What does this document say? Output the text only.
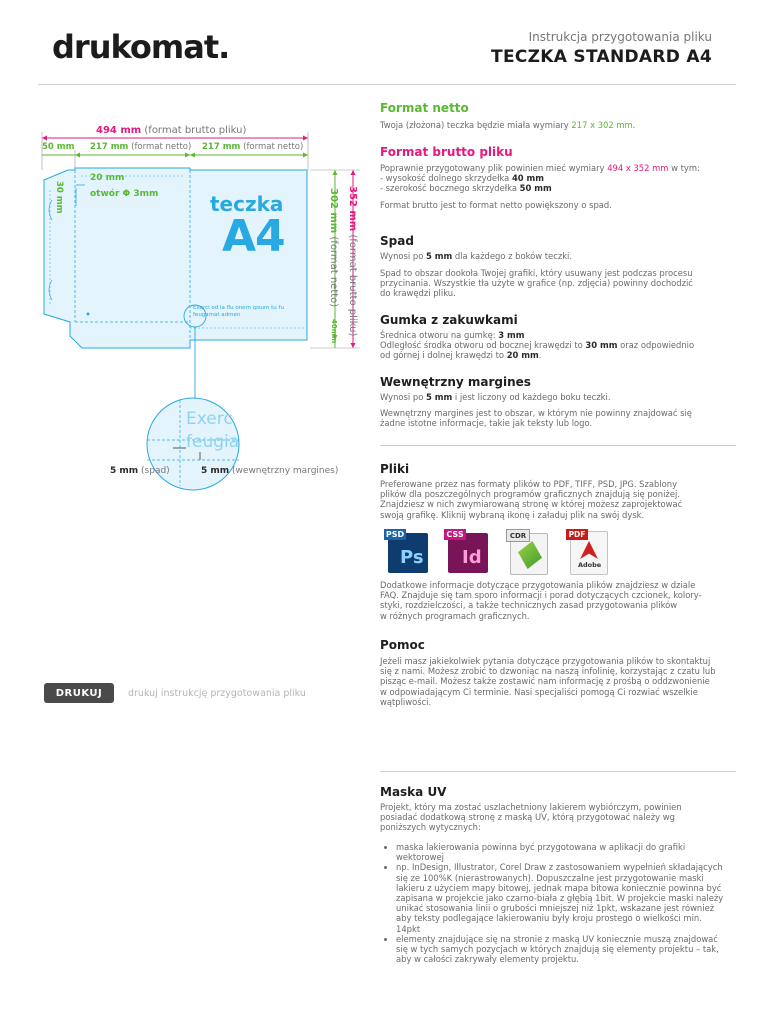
drukomat.	Instrukcja przygotowania pliku
TECZKA STANDARD A4
494 mm (format brutto pliku)
50 mm 217 mm (format netto) 217 mm (format netto)
20 mm
otwór Φ 3mm
30 mm	teczka
A4
Exerci od la flu onem ipsum tu fu feugamat admen
302 mm (format netto)
352 mm (format brutto pliku)
40mm
Exerc
feugia
5 mm (spad)	5 mm (wewnętrzny margines)
Format netto

Twoja (złożona) teczka będzie miała wymiary 217 x 302 mm.

Format brutto pliku

Poprawnie przygotowany plik powinien mieć wymiary 494 x 352 mm w tym:
- wysokość dolnego skrzydełka 40 mm
- szerokość bocznego skrzydełka 50 mm

Format brutto jest to format netto powiększony o spad.

Spad

Wynosi po 5 mm dla każdego z boków teczki.

Spad to obszar dookoła Twojej grafiki, który usuwany jest podczas procesu
przycinania. Wszystkie tła użyte w grafice (np. zdjęcia) powinny dochodzić
do krawędzi pliku.

Gumka z zakuwkami

Średnica otworu na gumkę: 3 mm
Odległość środka otworu od bocznej krawędzi to 30 mm oraz odpowiednio
od górnej i dolnej krawędzi to 20 mm.

Wewnętrzny margines

Wynosi po 5 mm i jest liczony od każdego boku teczki.

Wewnętrzny margines jest to obszar, w którym nie powinny znajdować się
żadne istotne informacje, takie jak teksty lub logo.

Pliki

Preferowane przez nas formaty plików to PDF, TIFF, PSD, JPG. Szablony
plików dla poszczególnych programów graficznych znajdują się poniżej.
Znajdziesz w nich zwymiarowaną stronę w której możesz zaprojektować
swoją grafikę. Kliknij wybraną ikonę i załaduj plik na swój dysk.

PSD
Ps
CSS
Id
CDR	PDF
Adobe

Dodatkowe informacje dotyczące przygotowania plików znajdziesz w dziale
FAQ. Znajduje się tam sporo informacji i porad dotyczących czcionek, kolory-
styki, rozdzielczości, a także technicznych zasad przygotowania plików
w różnych programach graficznych.

Pomoc

Jeżeli masz jakiekolwiek pytania dotyczące przygotowania plików to skontaktuj
się z nami. Możesz zrobić to dzwoniąc na naszą infolinię, korzystając z czatu lub
pisząc e-mail. Możesz także zostawić nam informację z prośbą o oddzwonienie
w odpowiadającym Ci terminie. Nasi specjaliści pomogą Ci rozwiać wszelkie
wątpliwości.

DRUKUJ	drukuj instrukcję przygotowania pliku
Maska UV

Projekt, który ma zostać uszlachetniony lakierem wybiórczym, powinien
posiadać dodatkową stronę z maską UV, którą przygotować należy wg
poniższych wytycznych:

• maska lakierowania powinna być przygotowana w aplikacji do grafiki
wektorowej
• np. InDesign, Illustrator, Corel Draw z zastosowaniem wypełnień składających
się ze 100%K (nierastrowanych). Dopuszczalne jest przygotowanie maski
lakieru z użyciem mapy bitowej, jednak mapa bitowa koniecznie powinna być
zapisana w projekcie jako czarno-biała z głębią 1bit. W projekcie maski należy
unikać stosowania linii o grubości mniejszej niż 1pkt, wskazane jest również
aby teksty podlegające lakierowaniu były kroju prostego o wielkości min.
14pkt
• elementy znajdujące się na stronie z maską UV koniecznie muszą znajdować
się w tych samych pozycjach w których znajdują się elementy projektu – tak,
aby w całości zakrywały elementy projektu.
